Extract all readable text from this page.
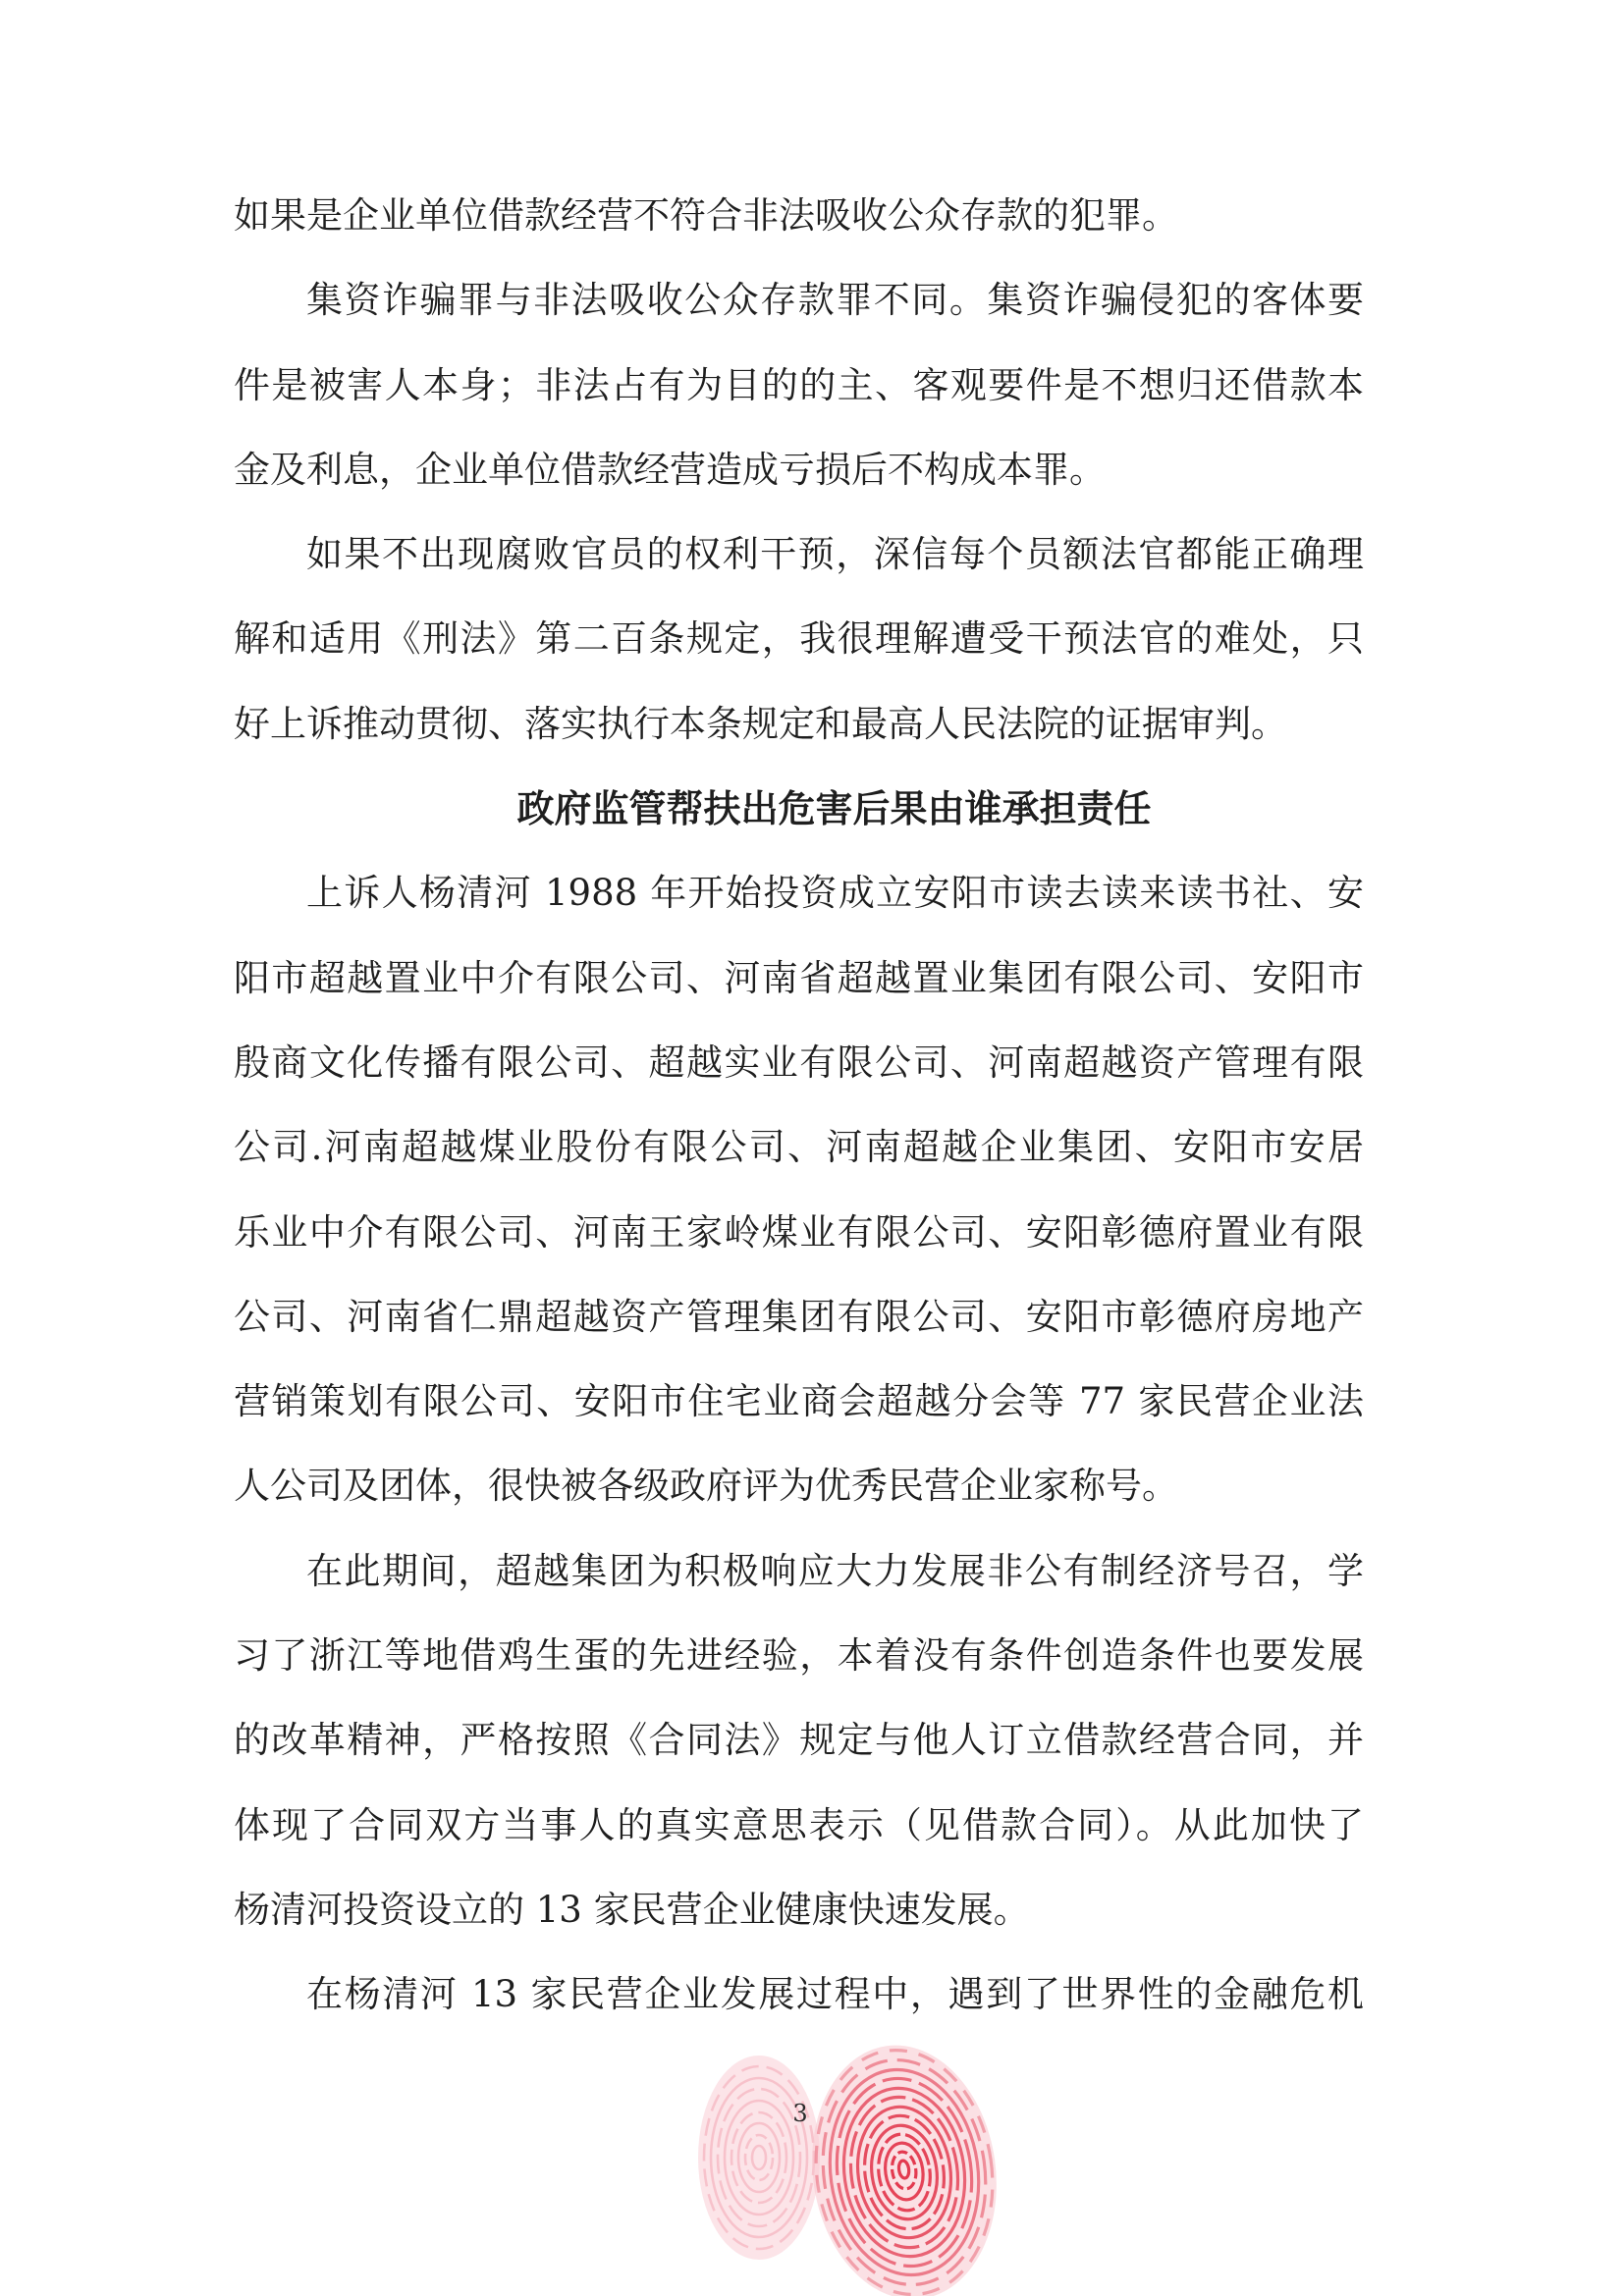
如果是企业单位借款经营不符合非法吸收公众存款的犯罪。
集资诈骗罪与非法吸收公众存款罪不同。集资诈骗侵犯的客体要
件是被害人本身；非法占有为目的的主、客观要件是不想归还借款本
金及利息，企业单位借款经营造成亏损后不构成本罪。
如果不出现腐败官员的权利干预，深信每个员额法官都能正确理
解和适用《刑法》第二百条规定，我很理解遭受干预法官的难处，只
好上诉推动贯彻、落实执行本条规定和最高人民法院的证据审判。
政府监管帮扶出危害后果由谁承担责任
上诉人杨清河 1988 年开始投资成立安阳市读去读来读书社、安
阳市超越置业中介有限公司、河南省超越置业集团有限公司、安阳市
殷商文化传播有限公司、超越实业有限公司、河南超越资产管理有限
公司.河南超越煤业股份有限公司、河南超越企业集团、安阳市安居
乐业中介有限公司、河南王家岭煤业有限公司、安阳彰德府置业有限
公司、河南省仁鼎超越资产管理集团有限公司、安阳市彰德府房地产
营销策划有限公司、安阳市住宅业商会超越分会等 77 家民营企业法
人公司及团体，很快被各级政府评为优秀民营企业家称号。
在此期间，超越集团为积极响应大力发展非公有制经济号召，学
习了浙江等地借鸡生蛋的先进经验，本着没有条件创造条件也要发展
的改革精神，严格按照《合同法》规定与他人订立借款经营合同，并
体现了合同双方当事人的真实意思表示（见借款合同）。从此加快了
杨清河投资设立的 13 家民营企业健康快速发展。
在杨清河 13 家民营企业发展过程中，遇到了世界性的金融危机
3
